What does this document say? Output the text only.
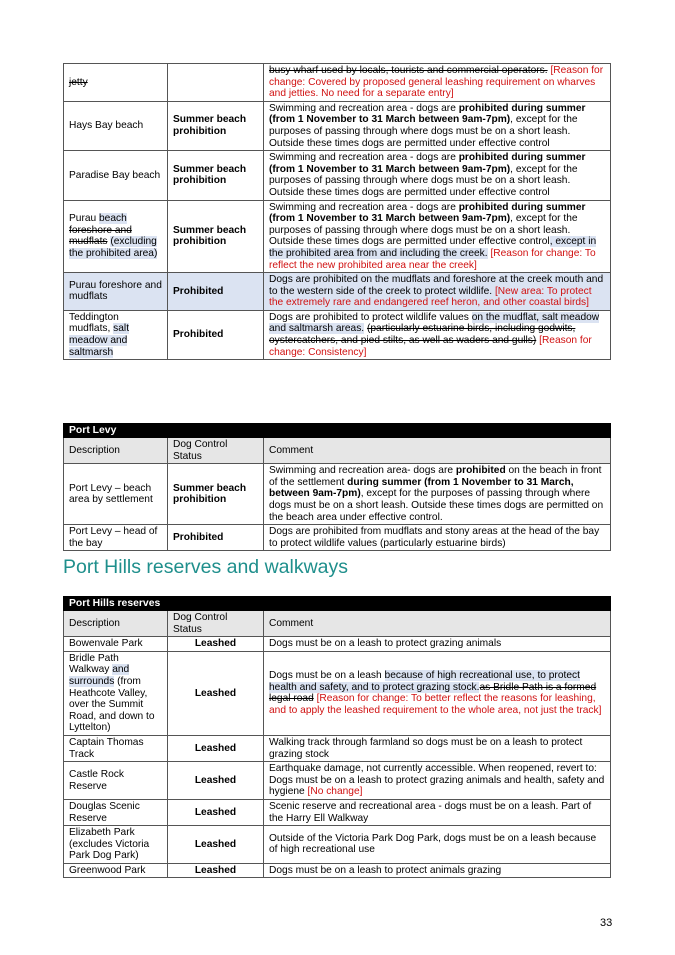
jetty		busy wharf used by locals, tourists and commercial operators. [Reason for change: Covered by proposed general leashing requirement on wharves and jetties. No need for a separate entry]
Hays Bay beach	Summer beach prohibition	Swimming and recreation area - dogs are prohibited during summer (from 1 November to 31 March between 9am-7pm), except for the purposes of passing through where dogs must be on a short leash. Outside these times dogs are permitted under effective control
Paradise Bay beach	Summer beach prohibition	Swimming and recreation area - dogs are prohibited during summer (from 1 November to 31 March between 9am-7pm), except for the purposes of passing through where dogs must be on a short leash. Outside these times dogs are permitted under effective control
Purau beach foreshore and mudflats (excluding the prohibited area)	Summer beach prohibition	Swimming and recreation area - dogs are prohibited during summer (from 1 November to 31 March between 9am-7pm), except for the purposes of passing through where dogs must be on a short leash. Outside these times dogs are permitted under effective control, except in the prohibited area from and including the creek. [Reason for change: To reflect the new prohibited area near the creek]
Purau foreshore and mudflats	Prohibited	Dogs are prohibited on the mudflats and foreshore at the creek mouth and to the western side of the creek to protect wildlife. [New area: To protect the extremely rare and endangered reef heron, and other coastal birds]
Teddington mudflats, salt meadow and saltmarsh	Prohibited	Dogs are prohibited to protect wildlife values on the mudflat, salt meadow and saltmarsh areas. (particularly estuarine birds, including godwits, oystercatchers, and pied stilts, as well as waders and gulls) [Reason for change: Consistency]
Port Levy		
Description	Dog Control Status	Comment
Port Levy – beach area by settlement	Summer beach prohibition	Swimming and recreation area- dogs are prohibited on the beach in front of the settlement during summer (from 1 November to 31 March, between 9am-7pm), except for the purposes of passing through where dogs must be on a short leash. Outside these times dogs are permitted on the beach area under effective control.
Port Levy – head of the bay	Prohibited	Dogs are prohibited from mudflats and stony areas at the head of the bay to protect wildlife values (particularly estuarine birds)
Port Hills reserves and walkways
Port Hills reserves		
Description	Dog Control Status	Comment
Bowenvale Park	Leashed	Dogs must be on a leash to protect grazing animals
Bridle Path Walkway and surrounds (from Heathcote Valley, over the Summit Road, and down to Lyttelton)	Leashed	Dogs must be on a leash because of high recreational use, to protect health and safety, and to protect grazing stock.as Bridle Path is a formed legal road [Reason for change: To better reflect the reasons for leashing, and to apply the leashed requirement to the whole area, not just the track]
Captain Thomas Track	Leashed	Walking track through farmland so dogs must be on a leash to protect grazing stock
Castle Rock Reserve	Leashed	Earthquake damage, not currently accessible. When reopened, revert to: Dogs must be on a leash to protect grazing animals and health, safety and hygiene [No change]
Douglas Scenic Reserve	Leashed	Scenic reserve and recreational area - dogs must be on a leash. Part of the Harry Ell Walkway
Elizabeth Park (excludes Victoria Park Dog Park)	Leashed	Outside of the Victoria Park Dog Park, dogs must be on a leash because of high recreational use
Greenwood Park	Leashed	Dogs must be on a leash to protect animals grazing
33
